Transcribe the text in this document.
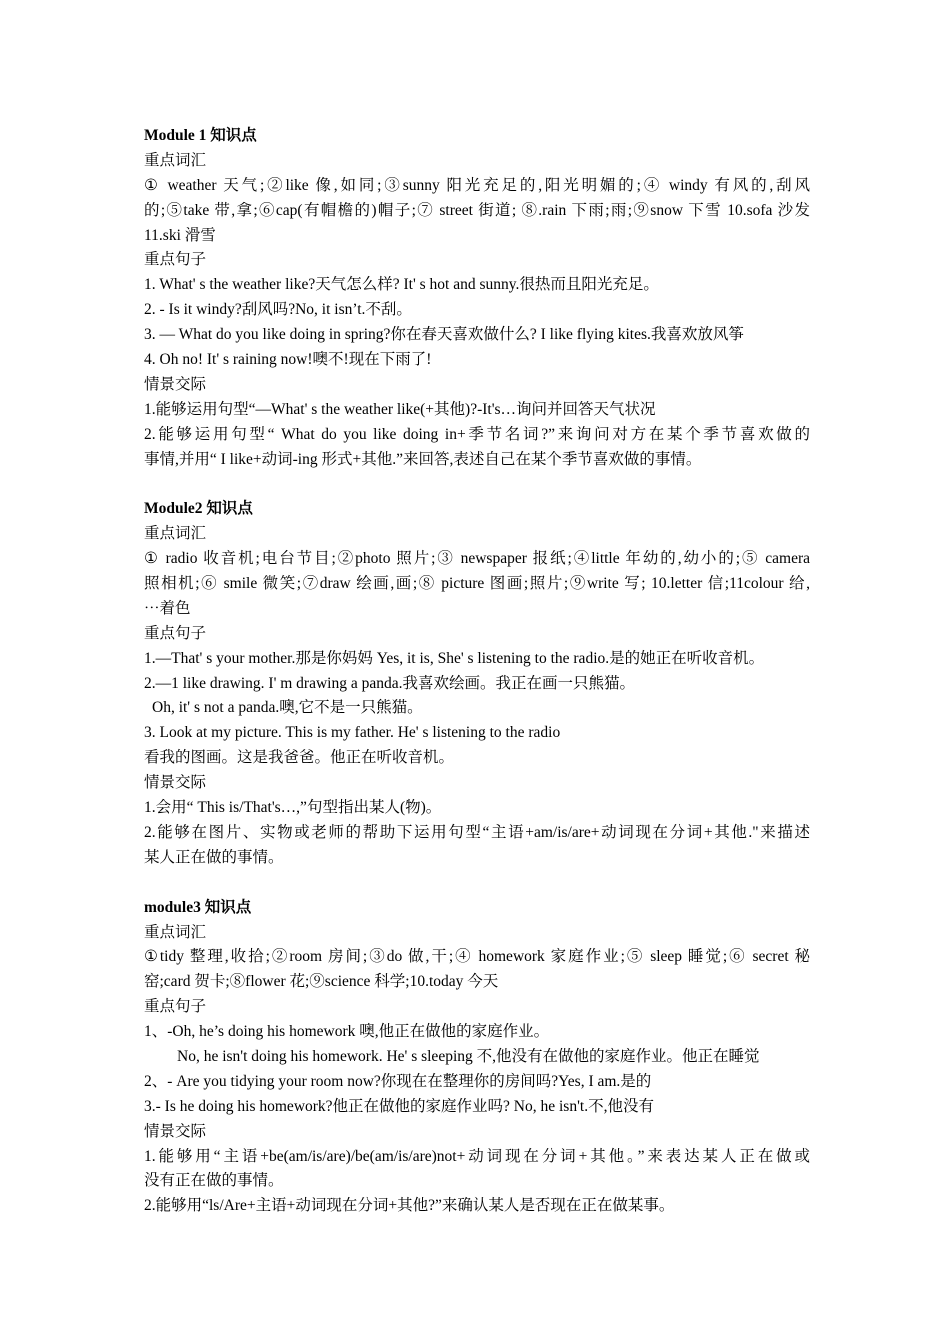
Module 1 知识点
重点词汇
① weather 天气;②like 像,如同;③sunny 阳光充足的,阳光明媚的;④ windy 有风的,刮风
的;⑤take 带,拿;⑥cap(有帽檐的)帽子;⑦ street 街道; ⑧.rain 下雨;雨;⑨snow 下雪 10.sofa 沙发
11.ski 滑雪
重点句子
1. What' s the weather like?天气怎么样? It' s hot and sunny.很热而且阳光充足。
2. - Is it windy?刮风吗?No, it isn’t.不刮。
3. — What do you like doing in spring?你在春天喜欢做什么? I like flying kites.我喜欢放风筝
4. Oh no! It' s raining now!噢不!现在下雨了!
情景交际
1.能够运用句型“—What' s the weather like(+其他)?-It's…询问并回答天气状况
2.能够运用句型“ What do you like doing in+季节名词?”来询问对方在某个季节喜欢做的
事情,并用“ I like+动词-ing 形式+其他.”来回答,表述自己在某个季节喜欢做的事情。
Module2 知识点
重点词汇
① radio 收音机;电台节目;②photo 照片;③ newspaper 报纸;④little 年幼的,幼小的;⑤ camera
照相机;⑥ smile 微笑;⑦draw 绘画,画;⑧ picture 图画;照片;⑨write 写; 10.letter 信;11colour 给,
⋯着色
重点句子
1.—That' s your mother.那是你妈妈 Yes, it is, She' s listening to the radio.是的她正在听收音机。
2.—1 like drawing. I' m drawing a panda.我喜欢绘画。我正在画一只熊猫。
Oh, it' s not a panda.噢,它不是一只熊猫。
3. Look at my picture. This is my father. He' s listening to the radio
看我的图画。这是我爸爸。他正在听收音机。
情景交际
1.会用“ This is/That's…,”句型指出某人(物)。
2.能够在图片、实物或老师的帮助下运用句型“主语+am/is/are+动词现在分词+其他."来描述
某人正在做的事情。
module3 知识点
重点词汇
①tidy 整理,收拾;②room 房间;③do 做,干;④ homework 家庭作业;⑤ sleep 睡觉;⑥ secret 秘
窑;card 贺卡;⑧flower 花;⑨science 科学;10.today 今天
重点句子
1、-Oh, he’s doing his homework 噢,他正在做他的家庭作业。
No, he isn't doing his homework. He' s sleeping 不,他没有在做他的家庭作业。他正在睡觉
2、- Are you tidying your room now?你现在在整理你的房间吗?Yes, I am.是的
3.- Is he doing his homework?他正在做他的家庭作业吗? No, he isn't.不,他没有
情景交际
1.能够用“主语+be(am/is/are)/be(am/is/are)not+动词现在分词+其他。”来表达某人正在做或
没有正在做的事情。
2.能够用“ls/Are+主语+动词现在分词+其他?”来确认某人是否现在正在做某事。
